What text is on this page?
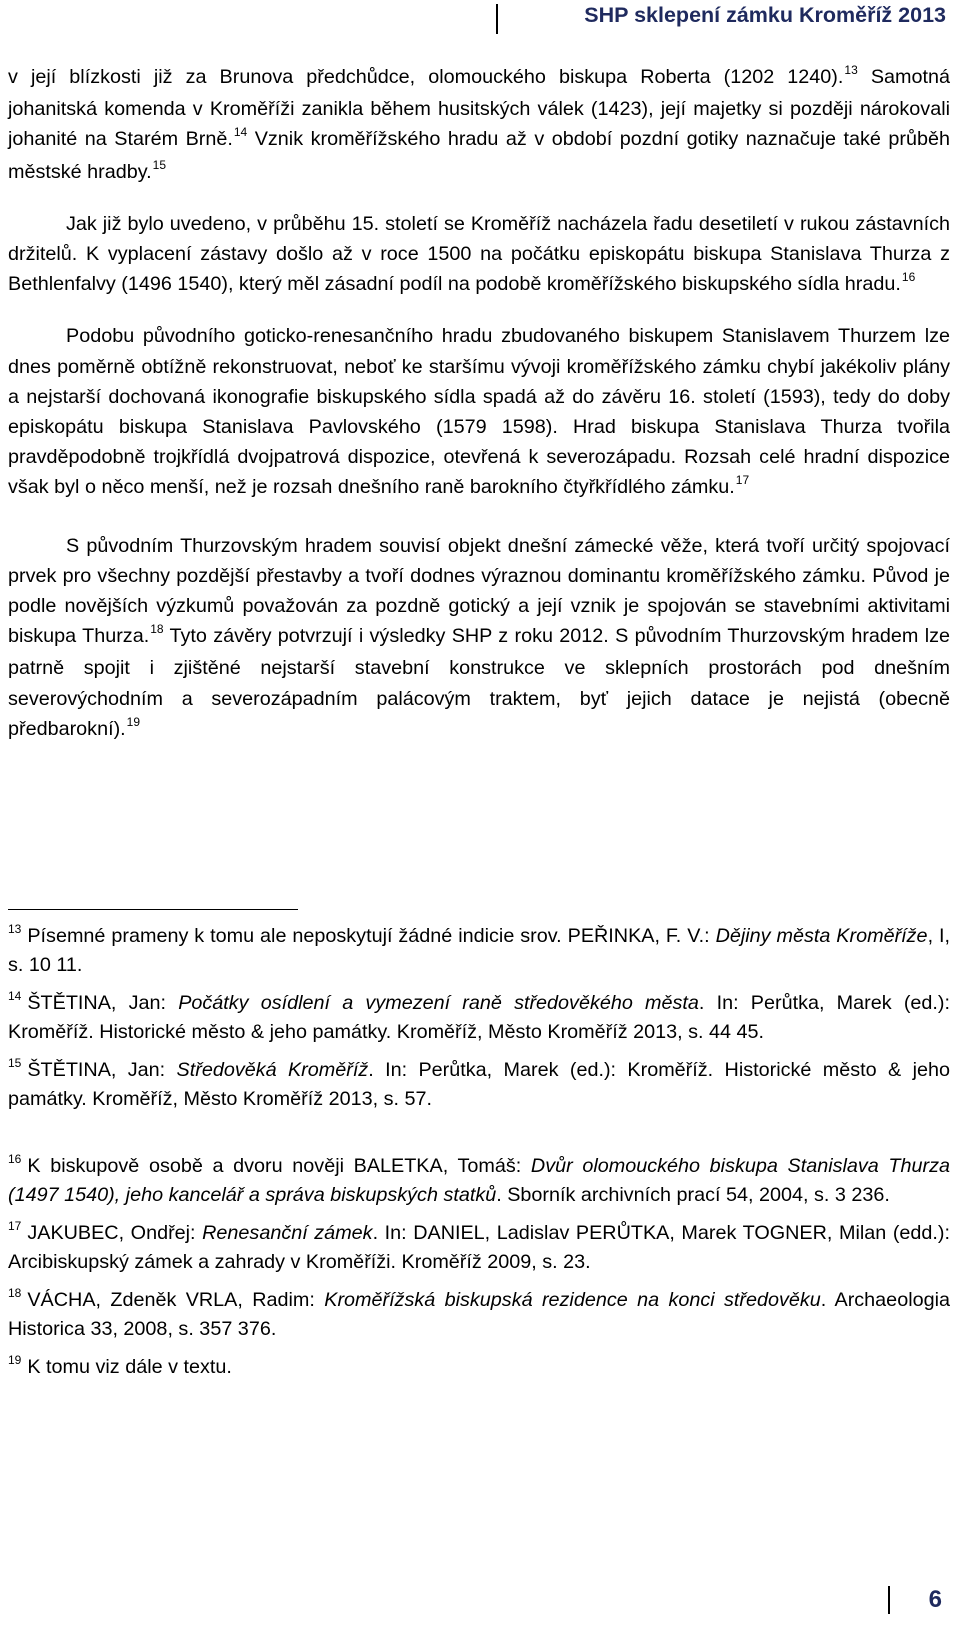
SHP sklepení zámku Kroměříž 2013

v její blízkosti již za Brunova předchůdce, olomouckého biskupa Roberta (1202 1240).$^{13}$ Samotná johanitská komenda v Kroměříži zanikla během husitských válek (1423), její majetky si později nárokovali johanité na Starém Brně.$^{14}$ Vznik kroměřížského hradu až v období pozdní gotiky naznačuje také průběh městské hradby.$^{15}$

Jak již bylo uvedeno, v průběhu 15. století se Kroměříž nacházela řadu desetiletí v rukou zástavních držitelů. K vyplacení zástavy došlo až v roce 1500 na počátku episkopátu biskupa Stanislava Thurza z Bethlenfalvy (1496 1540), který měl zásadní podíl na podobě kroměřížského biskupského sídla hradu.$^{16}$

Podobu původního goticko-renesančního hradu zbudovaného biskupem Stanislavem Thurzem lze dnes poměrně obtížně rekonstruovat, neboť ke staršímu vývoji kroměřížského zámku chybí jakékoliv plány a nejstarší dochovaná ikonografie biskupského sídla spadá až do závěru 16. století (1593), tedy do doby episkopátu biskupa Stanislava Pavlovského (1579 1598). Hrad biskupa Stanislava Thurza tvořila pravděpodobně trojkřídlá dvojpatrová dispozice, otevřená k severozápadu. Rozsah celé hradní dispozice však byl o něco menší, než je rozsah dnešního raně barokního čtyřkřídlého zámku.$^{17}$

S původním Thurzovským hradem souvisí objekt dnešní zámecké věže, která tvoří určitý spojovací prvek pro všechny pozdější přestavby a tvoří dodnes výraznou dominantu kroměřížského zámku. Původ je podle novějších výzkumů považován za pozdně gotický a její vznik je spojován se stavebními aktivitami biskupa Thurza.$^{18}$ Tyto závěry potvrzují i výsledky SHP z roku 2012. S původním Thurzovským hradem lze patrně spojit i zjištěné nejstarší stavební konstrukce ve sklepních prostorách pod dnešním severovýchodním a severozápadním palácovým traktem, byť jejich datace je nejistá (obecně předbarokní).$^{19}$

$^{13}$ Písemné prameny k tomu ale neposkytují žádné indicie srov. PEŘINKA, F. V.: Dějiny města Kroměříže, I, s. 10 11.

$^{14}$ ŠTĚTINA, Jan: Počátky osídlení a vymezení raně středověkého města. In: Perůtka, Marek (ed.): Kroměříž. Historické město & jeho památky. Kroměříž, Město Kroměříž 2013, s. 44 45.

$^{15}$ ŠTĚTINA, Jan: Středověká Kroměříž. In: Perůtka, Marek (ed.): Kroměříž. Historické město & jeho památky. Kroměříž, Město Kroměříž 2013, s. 57.

$^{16}$ K biskupově osobě a dvoru nověji BALETKA, Tomáš: Dvůr olomouckého biskupa Stanislava Thurza (1497 1540), jeho kancelář a správa biskupských statků. Sborník archivních prací 54, 2004, s. 3 236.

$^{17}$ JAKUBEC, Ondřej: Renesanční zámek. In: DANIEL, Ladislav PERŮTKA, Marek TOGNER, Milan (edd.): Arcibiskupský zámek a zahrady v Kroměříži. Kroměříž 2009, s. 23.

$^{18}$ VÁCHA, Zdeněk VRLA, Radim: Kroměřížská biskupská rezidence na konci středověku. Archaeologia Historica 33, 2008, s. 357 376.

$^{19}$ K tomu viz dále v textu.

6
